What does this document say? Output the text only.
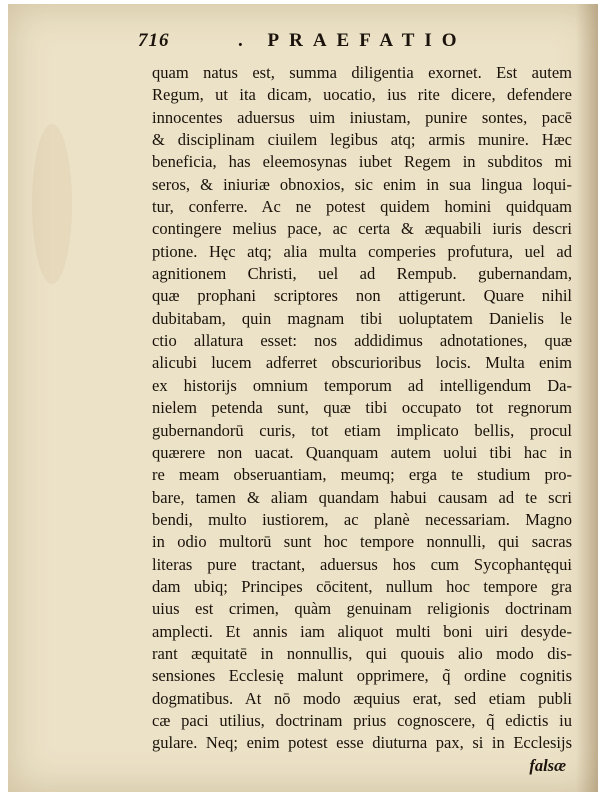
716	. PRAEFATIO
quam natus est, summa diligentia exornet. Est autem
Regum, ut ita dicam, uocatio, ius rite dicere, defendere
innocentes aduersus uim iniustam, punire sontes, pacē
& disciplinam ciuilem legibus atq; armis munire. Hæc
beneficia, has eleemosynas iubet Regem in subditos mi
seros, & iniuriæ obnoxios, sic enim in sua lingua loqui-
tur, conferre. Ac ne potest quidem homini quidquam
contingere melius pace, ac certa & æquabili iuris descri
ptione. Hęc atq; alia multa comperies profutura, uel ad
agnitionem Christi, uel ad Rempub. gubernandam,
quæ prophani scriptores non attigerunt. Quare nihil
dubitabam, quin magnam tibi uoluptatem Danielis le
ctio allatura esset: nos addidimus adnotationes, quæ
alicubi lucem adferret obscurioribus locis. Multa enim
ex historijs omnium temporum ad intelligendum Da-
nielem petenda sunt, quæ tibi occupato tot regnorum
gubernandorū curis, tot etiam implicato bellis, procul
quærere non uacat. Quanquam autem uolui tibi hac in
re meam obseruantiam, meumq; erga te studium pro-
bare, tamen & aliam quandam habui causam ad te scri
bendi, multo iustiorem, ac planè necessariam. Magno
in odio multorū sunt hoc tempore nonnulli, qui sacras
literas pure tractant, aduersus hos cum Sycophantęqui
dam ubiq; Principes cōcitent, nullum hoc tempore gra
uius est crimen, quàm genuinam religionis doctrinam
amplecti. Et annis iam aliquot multi boni uiri desyde-
rant æquitatē in nonnullis, qui quouis alio modo dis-
sensiones Ecclesię malunt opprimere, q̃ ordine cognitis
dogmatibus. At nō modo æquius erat, sed etiam publi
cæ paci utilius, doctrinam prius cognoscere, q̃ edictis iu
gulare. Neq; enim potest esse diuturna pax, si in Ecclesijs
falsæ
